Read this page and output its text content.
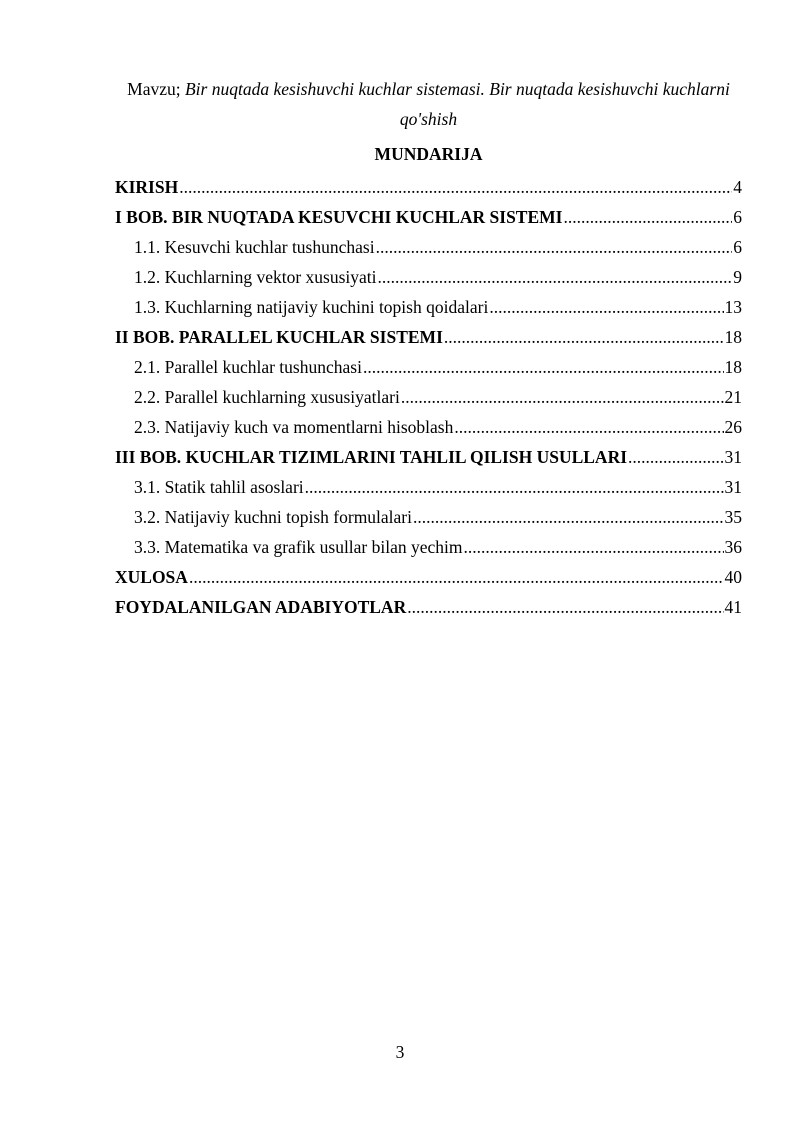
Mavzu; Bir nuqtada kesishuvchi kuchlar sistemasi. Bir nuqtada kesishuvchi kuchlarni qo'shish
MUNDARIJA
KIRISH .....	4
I BOB. BIR NUQTADA KESUVCHI KUCHLAR SISTEMI .....	6
1.1. Kesuvchi kuchlar tushunchasi .....	6
1.2. Kuchlarning vektor xususiyati .....	9
1.3. Kuchlarning natijaviy kuchini topish qoidalari .....	13
II BOB. PARALLEL KUCHLAR SISTEMI .....	18
2.1. Parallel kuchlar tushunchasi .....	18
2.2. Parallel kuchlarning xususiyatlari .....	21
2.3. Natijaviy kuch va momentlarni hisoblash .....	26
III BOB. KUCHLAR TIZIMLARINI TAHLIL QILISH USULLARI .....	31
3.1. Statik tahlil asoslari .....	31
3.2. Natijaviy kuchni topish formulalari .....	35
3.3. Matematika va grafik usullar bilan yechim .....	36
XULOSA .....	40
FOYDALANILGAN ADABIYOTLAR .....	41
3
